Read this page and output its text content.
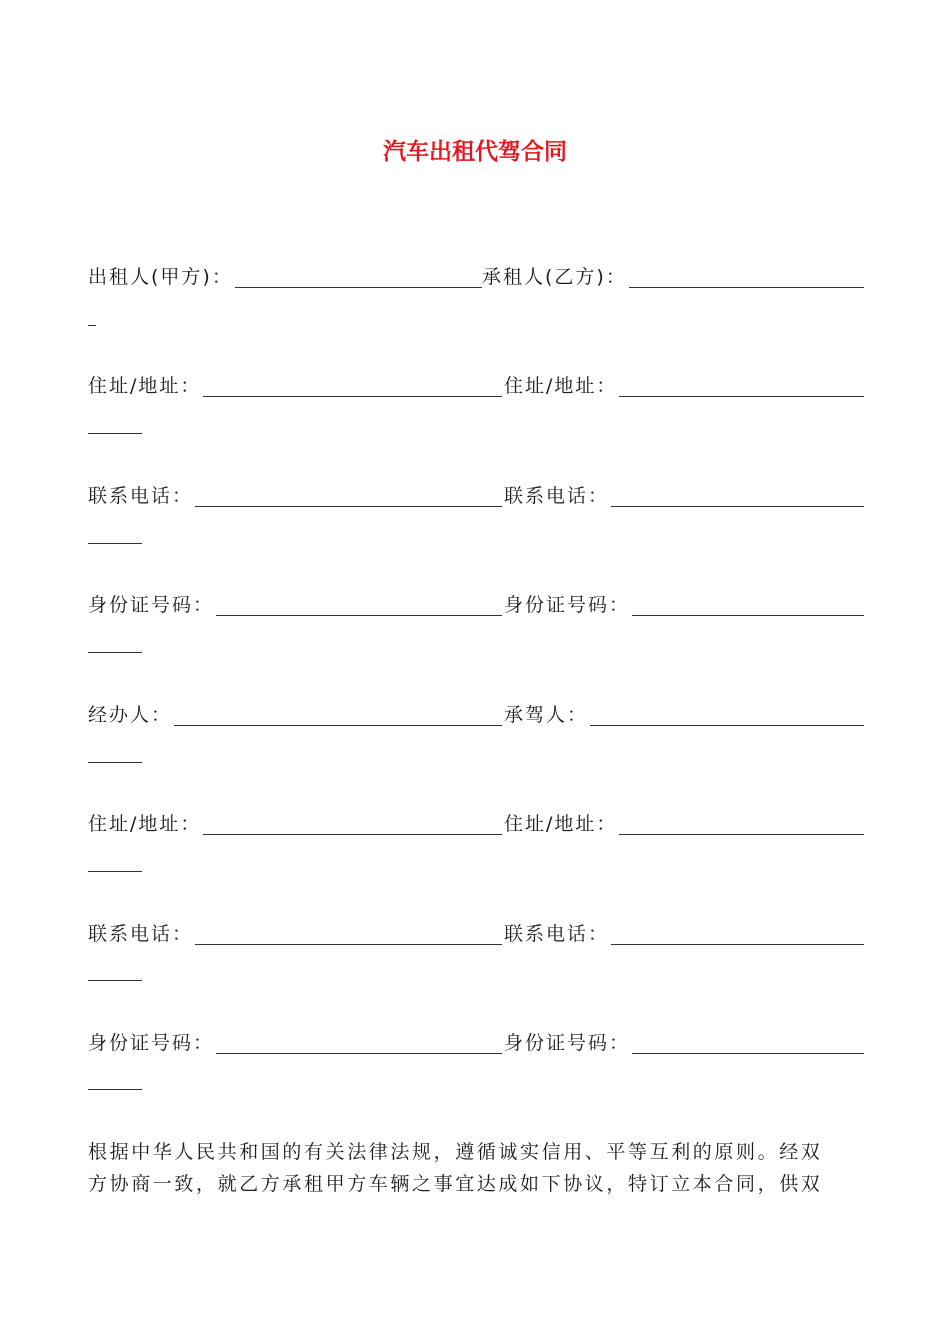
汽车出租代驾合同
出租人(甲方)：	承租人(乙方)：
住址/地址：	住址/地址：
联系电话：	联系电话：
身份证号码：	身份证号码：
经办人：	承驾人：
住址/地址：	住址/地址：
联系电话：	联系电话：
身份证号码：	身份证号码：

根据中华人民共和国的有关法律法规，遵循诚实信用、平等互利的原则。经双

方协商一致，就乙方承租甲方车辆之事宜达成如下协议，特订立本合同，供双
